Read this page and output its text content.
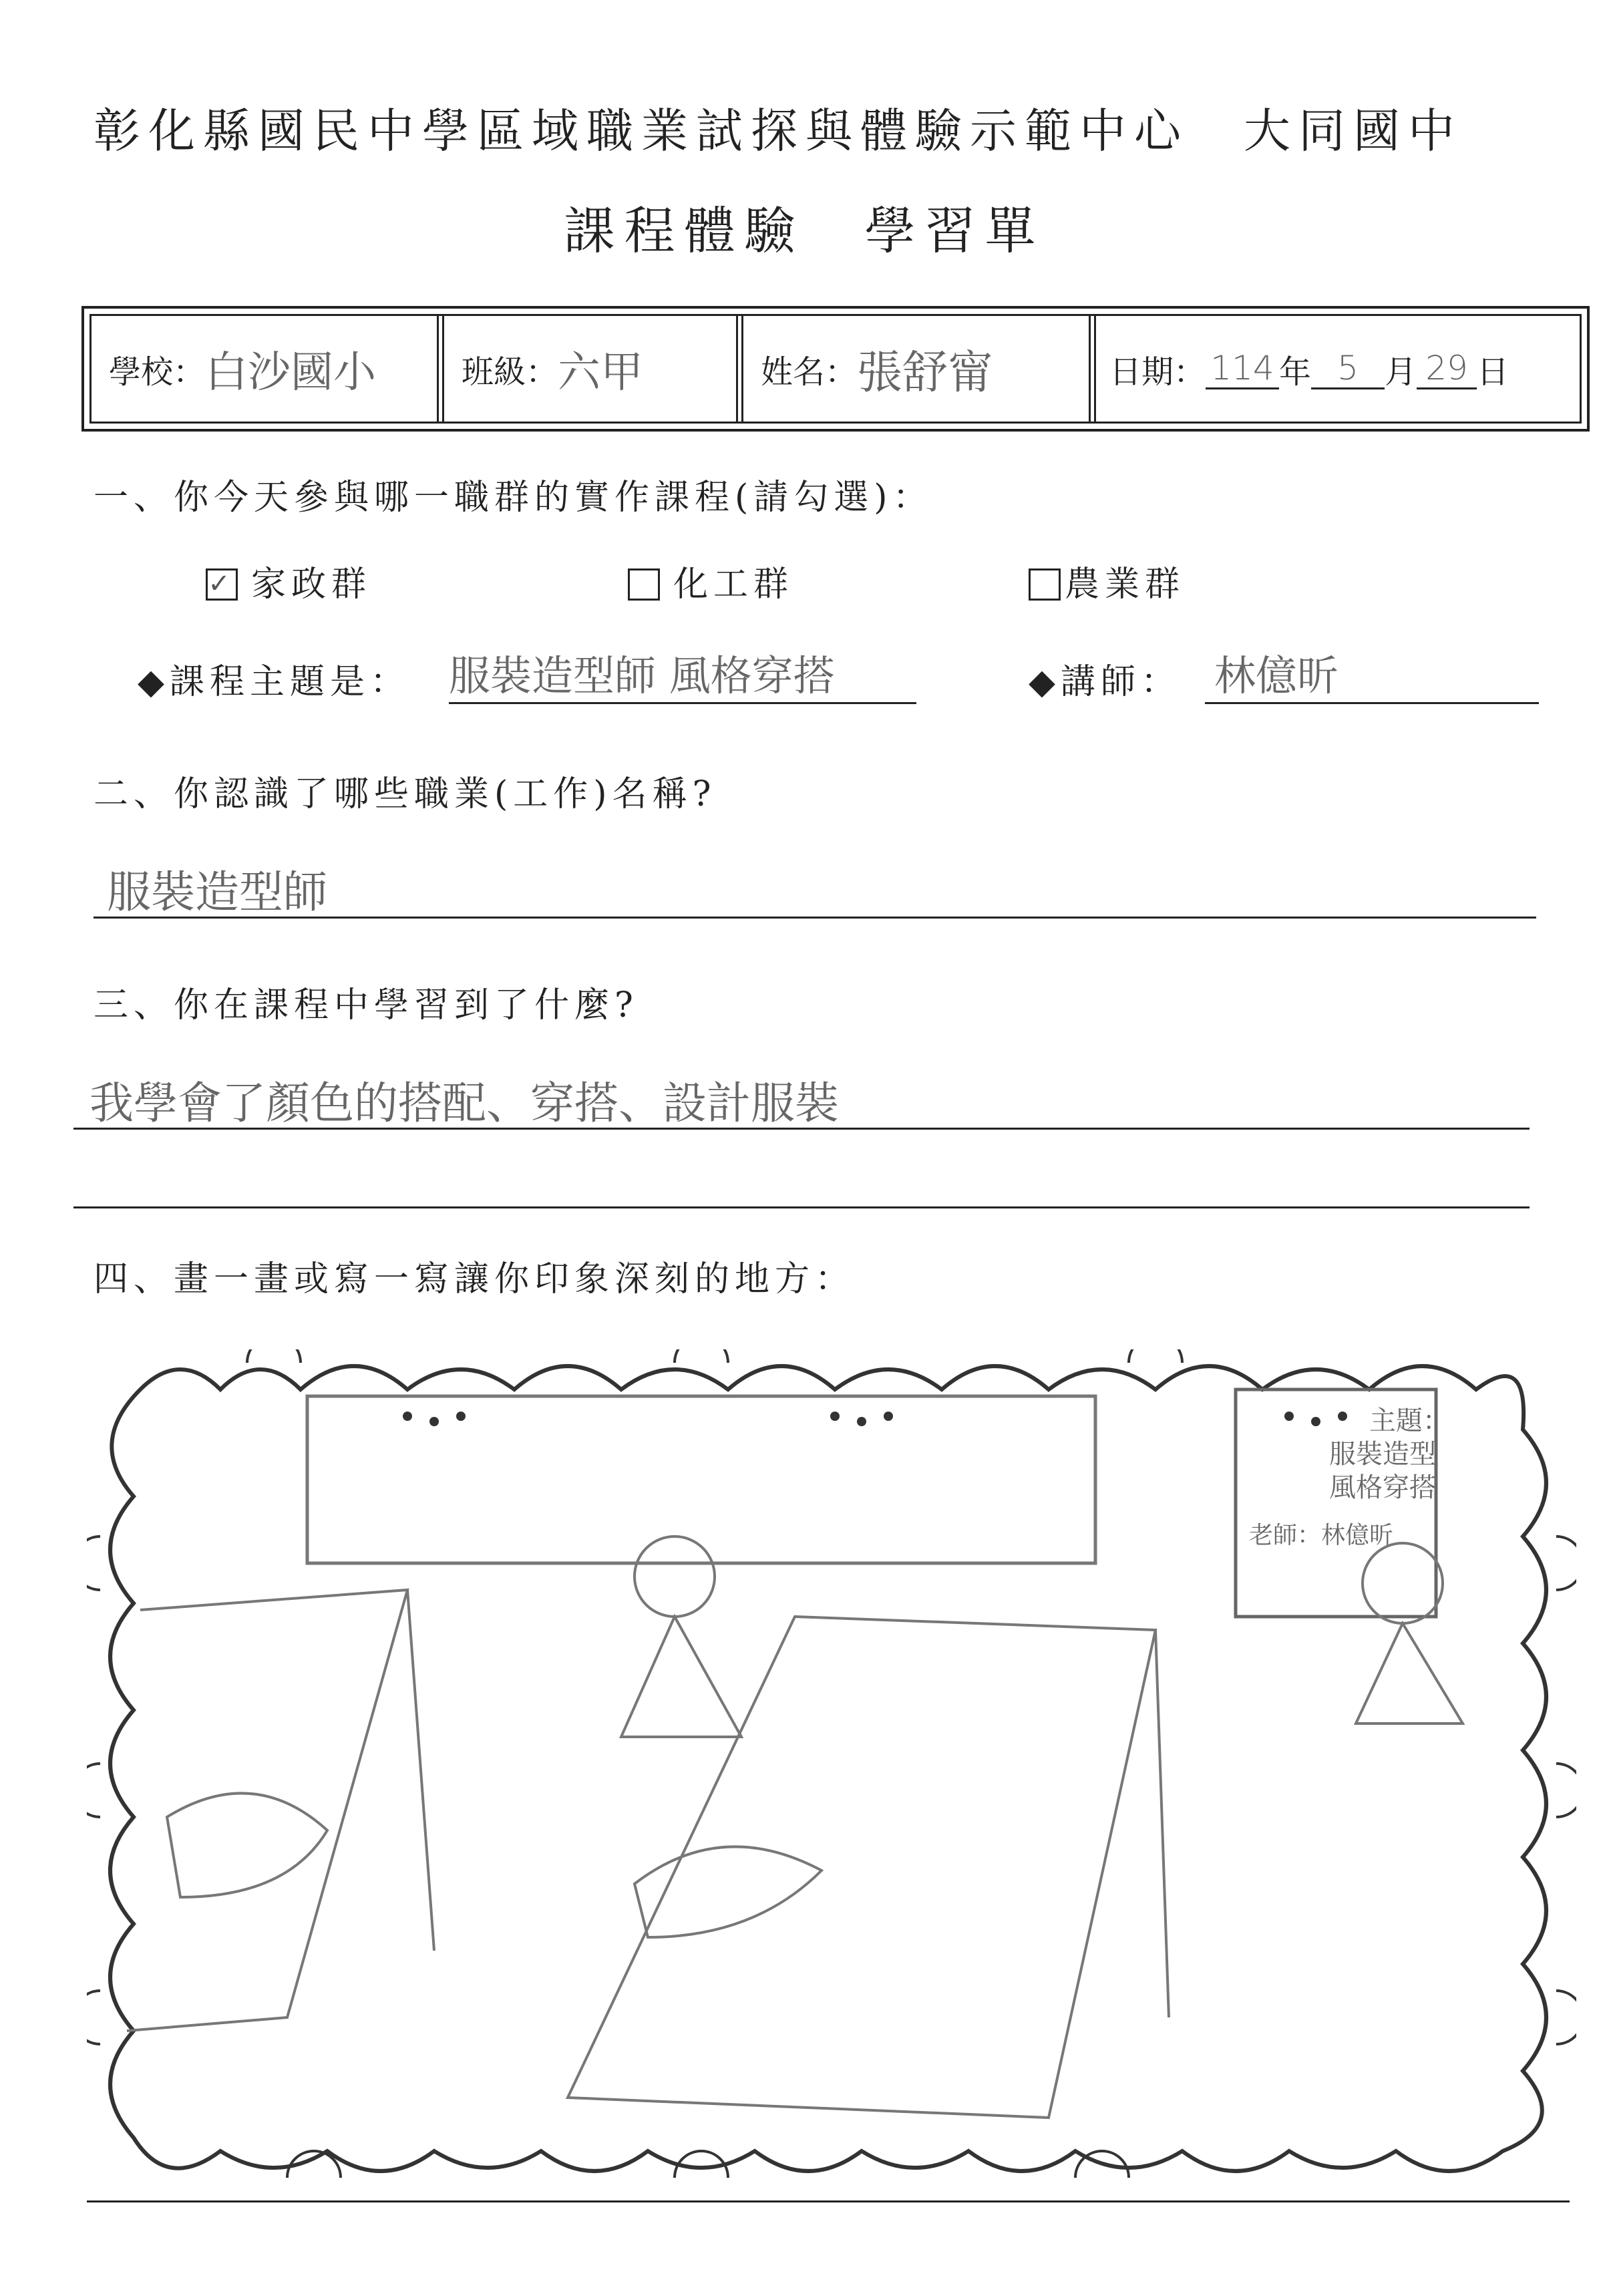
彰化縣國民中學區域職業試探與體驗示範中心　大同國中
課程體驗　學習單
學校： 白沙國小	班級： 六甲	姓名： 張舒甯	日期： 114 年 5 月 29 日
一、你今天參與哪一職群的實作課程(請勾選)：
✓ 家政群	化工群	農業群
◆課程主題是： 服裝造型師 風格穿搭	◆講師： 林億昕
二、你認識了哪些職業(工作)名稱?
服裝造型師
三、你在課程中學習到了什麼?
我學會了顏色的搭配、穿搭、設計服裝
四、畫一畫或寫一寫讓你印象深刻的地方：
主題：
服裝造型
風格穿搭
老師：林億昕
